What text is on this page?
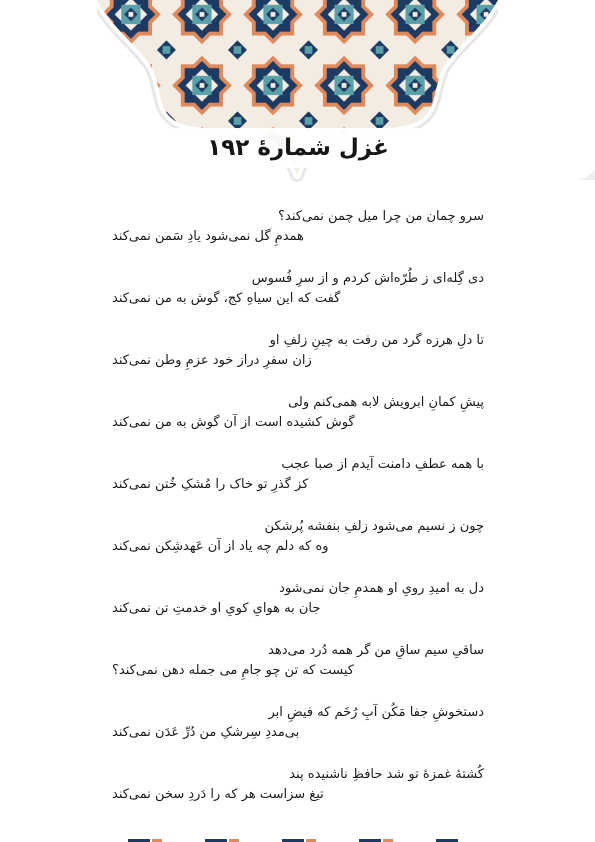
غزل شمارهٔ ۱۹۲
سرو چمان من چرا میل چمن نمی‌کند؟
همدمِ گل نمی‌شود یادِ سَمن نمی‌کند
دی گِله‌ای ز طُرّه‌اش کردم و از سرِ فُسوس
گفت که این سیاهِ کج، گوش به من نمی‌کند
تا دلِ هرزه گرد من رفت به چینِ زلفِ او
زان سفرِ دراز خود عزمِ وطن نمی‌کند
پیشِ کمانِ ابرویش لابه همی‌کنم ولی
گوش کشیده است از آن گوش به من نمی‌کند
با همه عطفِ دامنت آیدم از صبا عجب
کز گذرِ تو خاک را مُشکِ خُتن نمی‌کند
چون ز نسیم می‌شود زلفِ بنفشه پُرشکن
وه که دلم چه یاد از آن عَهدشِکن نمی‌کند
دل به امیدِ رویِ او همدمِ جان نمی‌شود
جان به هوایِ کویِ او خدمتِ تن نمی‌کند
ساقیِ سیم ساقِ من گر همه دُرد می‌دهد
کیست که تن چو جامِ می جمله دهن نمی‌کند؟
دستخوشِ جفا مَکُن آبِ رُخَم که فیضِ ابر
بی‌مددِ سِرشکِ من دُرِّ عَدَن نمی‌کند
کُشتهٔ غمزهٔ تو شد حافظِ ناشنیده پند
تیغ سزاست هر که را دَردِ سخن نمی‌کند
